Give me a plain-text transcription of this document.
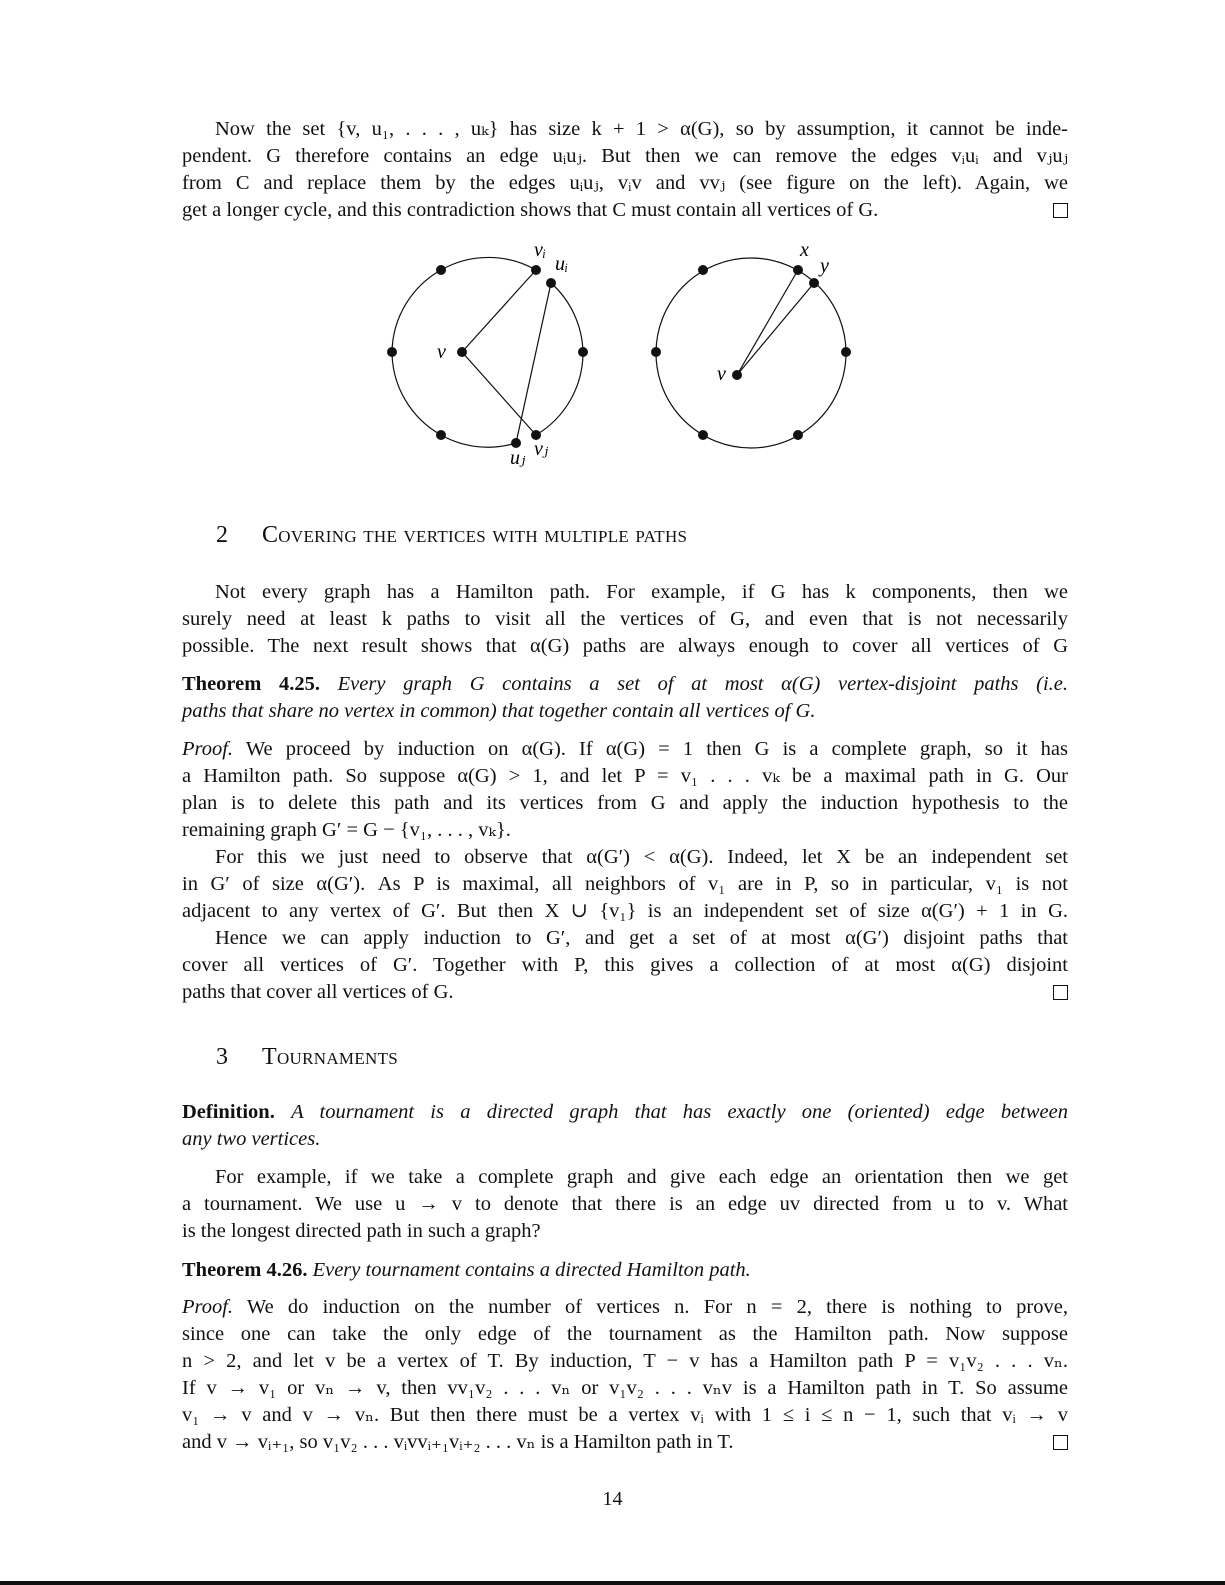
Now the set {v, u₁, . . . , uₖ} has size k + 1 > α(G), so by assumption, it cannot be inde-
pendent. G therefore contains an edge uᵢuⱼ. But then we can remove the edges vᵢuᵢ and vⱼuⱼ
from C and replace them by the edges uᵢuⱼ, vᵢv and vvⱼ (see figure on the left). Again, we
get a longer cycle, and this contradiction shows that C must contain all vertices of G.
v
vᵢ
uᵢ
vⱼ
uⱼ
v
x
y
2 Covering the vertices with multiple paths
Not every graph has a Hamilton path. For example, if G has k components, then we
surely need at least k paths to visit all the vertices of G, and even that is not necessarily
possible. The next result shows that α(G) paths are always enough to cover all vertices of G
Theorem 4.25. Every graph G contains a set of at most α(G) vertex-disjoint paths (i.e.
paths that share no vertex in common) that together contain all vertices of G.
Proof. We proceed by induction on α(G). If α(G) = 1 then G is a complete graph, so it has
a Hamilton path. So suppose α(G) > 1, and let P = v₁ . . . vₖ be a maximal path in G. Our
plan is to delete this path and its vertices from G and apply the induction hypothesis to the
remaining graph G′ = G − {v₁, . . . , vₖ}.
For this we just need to observe that α(G′) < α(G). Indeed, let X be an independent set
in G′ of size α(G′). As P is maximal, all neighbors of v₁ are in P, so in particular, v₁ is not
adjacent to any vertex of G′. But then X ∪ {v₁} is an independent set of size α(G′) + 1 in G.
Hence we can apply induction to G′, and get a set of at most α(G′) disjoint paths that
cover all vertices of G′. Together with P, this gives a collection of at most α(G) disjoint
paths that cover all vertices of G.
3 Tournaments
Definition. A tournament is a directed graph that has exactly one (oriented) edge between
any two vertices.
For example, if we take a complete graph and give each edge an orientation then we get
a tournament. We use u → v to denote that there is an edge uv directed from u to v. What
is the longest directed path in such a graph?
Theorem 4.26. Every tournament contains a directed Hamilton path.
Proof. We do induction on the number of vertices n. For n = 2, there is nothing to prove,
since one can take the only edge of the tournament as the Hamilton path. Now suppose
n > 2, and let v be a vertex of T. By induction, T − v has a Hamilton path P = v₁v₂ . . . vₙ.
If v → v₁ or vₙ → v, then vv₁v₂ . . . vₙ or v₁v₂ . . . vₙv is a Hamilton path in T. So assume
v₁ → v and v → vₙ. But then there must be a vertex vᵢ with 1 ≤ i ≤ n − 1, such that vᵢ → v
and v → vᵢ₊₁, so v₁v₂ . . . vᵢvvᵢ₊₁vᵢ₊₂ . . . vₙ is a Hamilton path in T.
14
